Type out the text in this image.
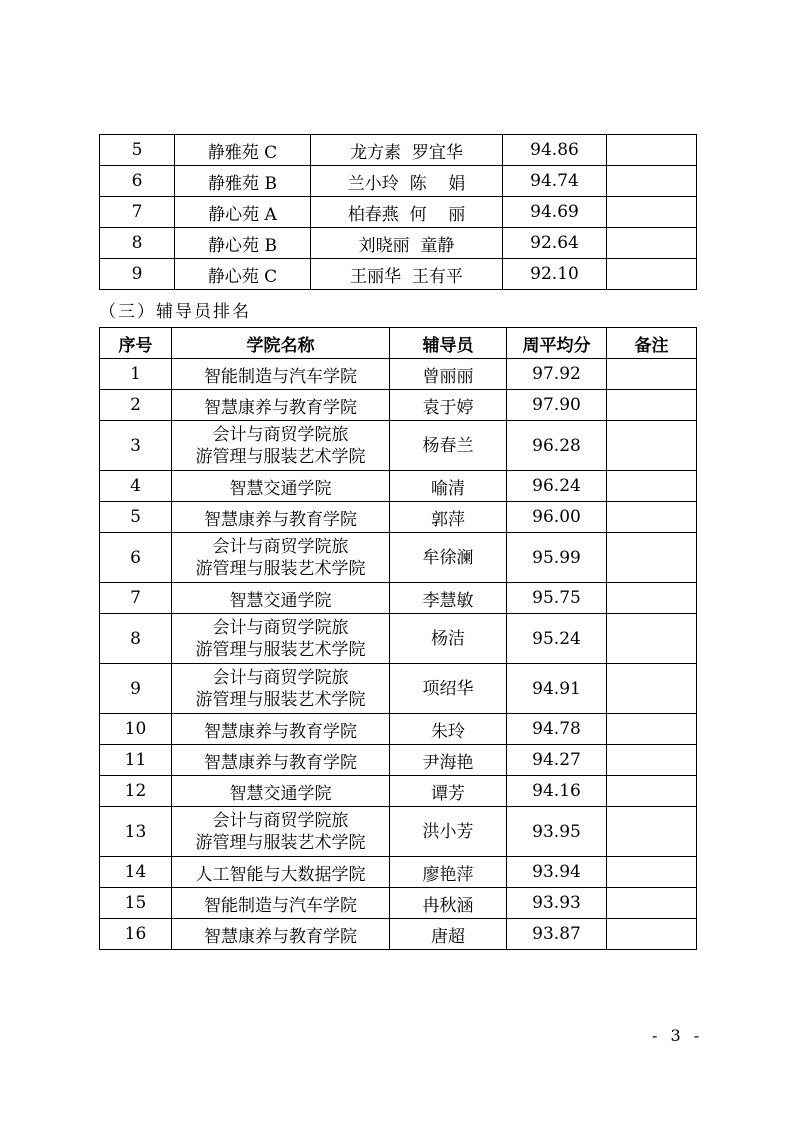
5	静雅苑 C	龙方素  罗宜华	94.86	
6	静雅苑 B	兰小玲  陈    娟	94.74	
7	静心苑 A	柏春燕  何    丽	94.69	
8	静心苑 B	刘晓丽  童静	92.64	
9	静心苑 C	王丽华  王有平	92.10	
（三）辅导员排名
序号	学院名称	辅导员	周平均分	备注
1	智能制造与汽车学院	曾丽丽	97.92	
2	智慧康养与教育学院	袁于婷	97.90	
3	会计与商贸学院旅
游管理与服装艺术学院	杨春兰	96.28	
4	智慧交通学院	喻清	96.24	
5	智慧康养与教育学院	郭萍	96.00	
6	会计与商贸学院旅
游管理与服装艺术学院	牟徐澜	95.99	
7	智慧交通学院	李慧敏	95.75	
8	会计与商贸学院旅
游管理与服装艺术学院	杨洁	95.24	
9	会计与商贸学院旅
游管理与服装艺术学院	项绍华	94.91	
10	智慧康养与教育学院	朱玲	94.78	
11	智慧康养与教育学院	尹海艳	94.27	
12	智慧交通学院	谭芳	94.16	
13	会计与商贸学院旅
游管理与服装艺术学院	洪小芳	93.95	
14	人工智能与大数据学院	廖艳萍	93.94	
15	智能制造与汽车学院	冉秋涵	93.93	
16	智慧康养与教育学院	唐超	93.87	
- 3 -
